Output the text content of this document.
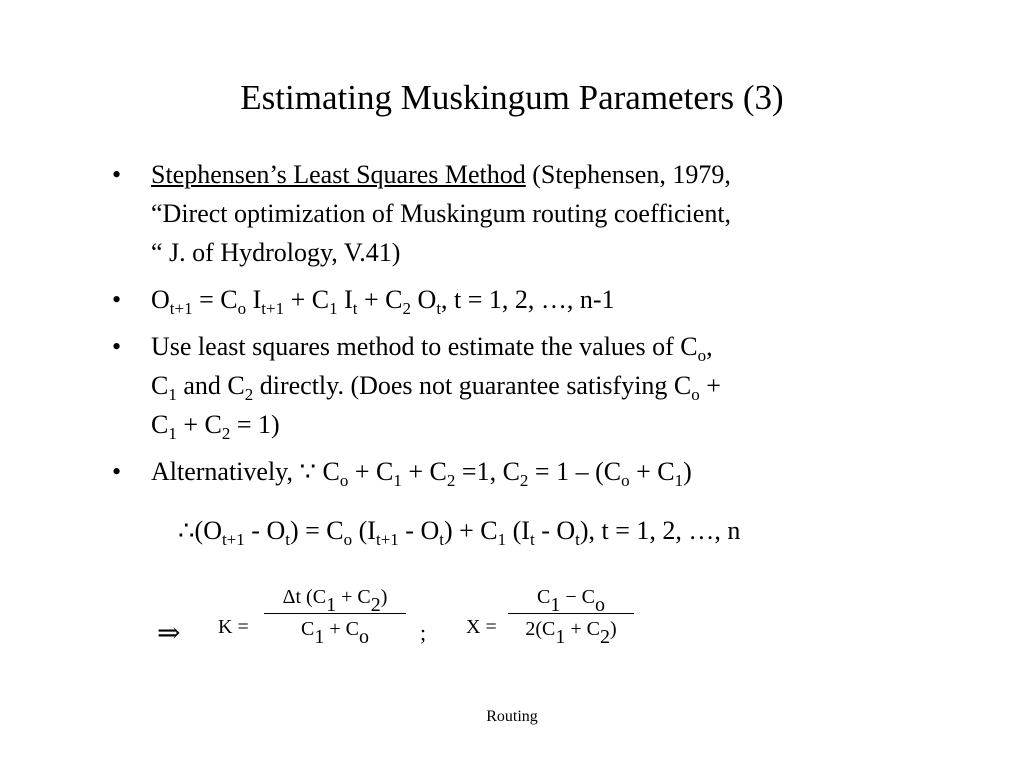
Estimating Muskingum Parameters (3)
• Stephensen’s Least Squares Method (Stephensen, 1979,
“Direct optimization of Muskingum routing coefficient,
“ J. of Hydrology, V.41)
• $O_{t+1} = C_o$ $I_{t+1} + C_1$ $I_t + C_2$ $O_t$, t = 1, 2, …, n-1
• Use least squares method to estimate the values of $C_o$,
$C_1$ and $C_2$ directly. (Does not guarantee satisfying $C_o$ +
$C_1 + C_2 = 1$)
• Alternatively, ∵ $C_o + C_1 + C_2 =1$, $C_2 = 1 - (C_o + C_1)$
$\therefore(O_{t+1} - O_t) = C_o$ $(I_{t+1} - O_t) + C_1$ $(I_t - O_t)$, t = 1, 2, …, n
⇒ K =
Δt (C1 + C2)
C1 + Co	; X =
C1 − Co
2(C1 + C2)
Routing
